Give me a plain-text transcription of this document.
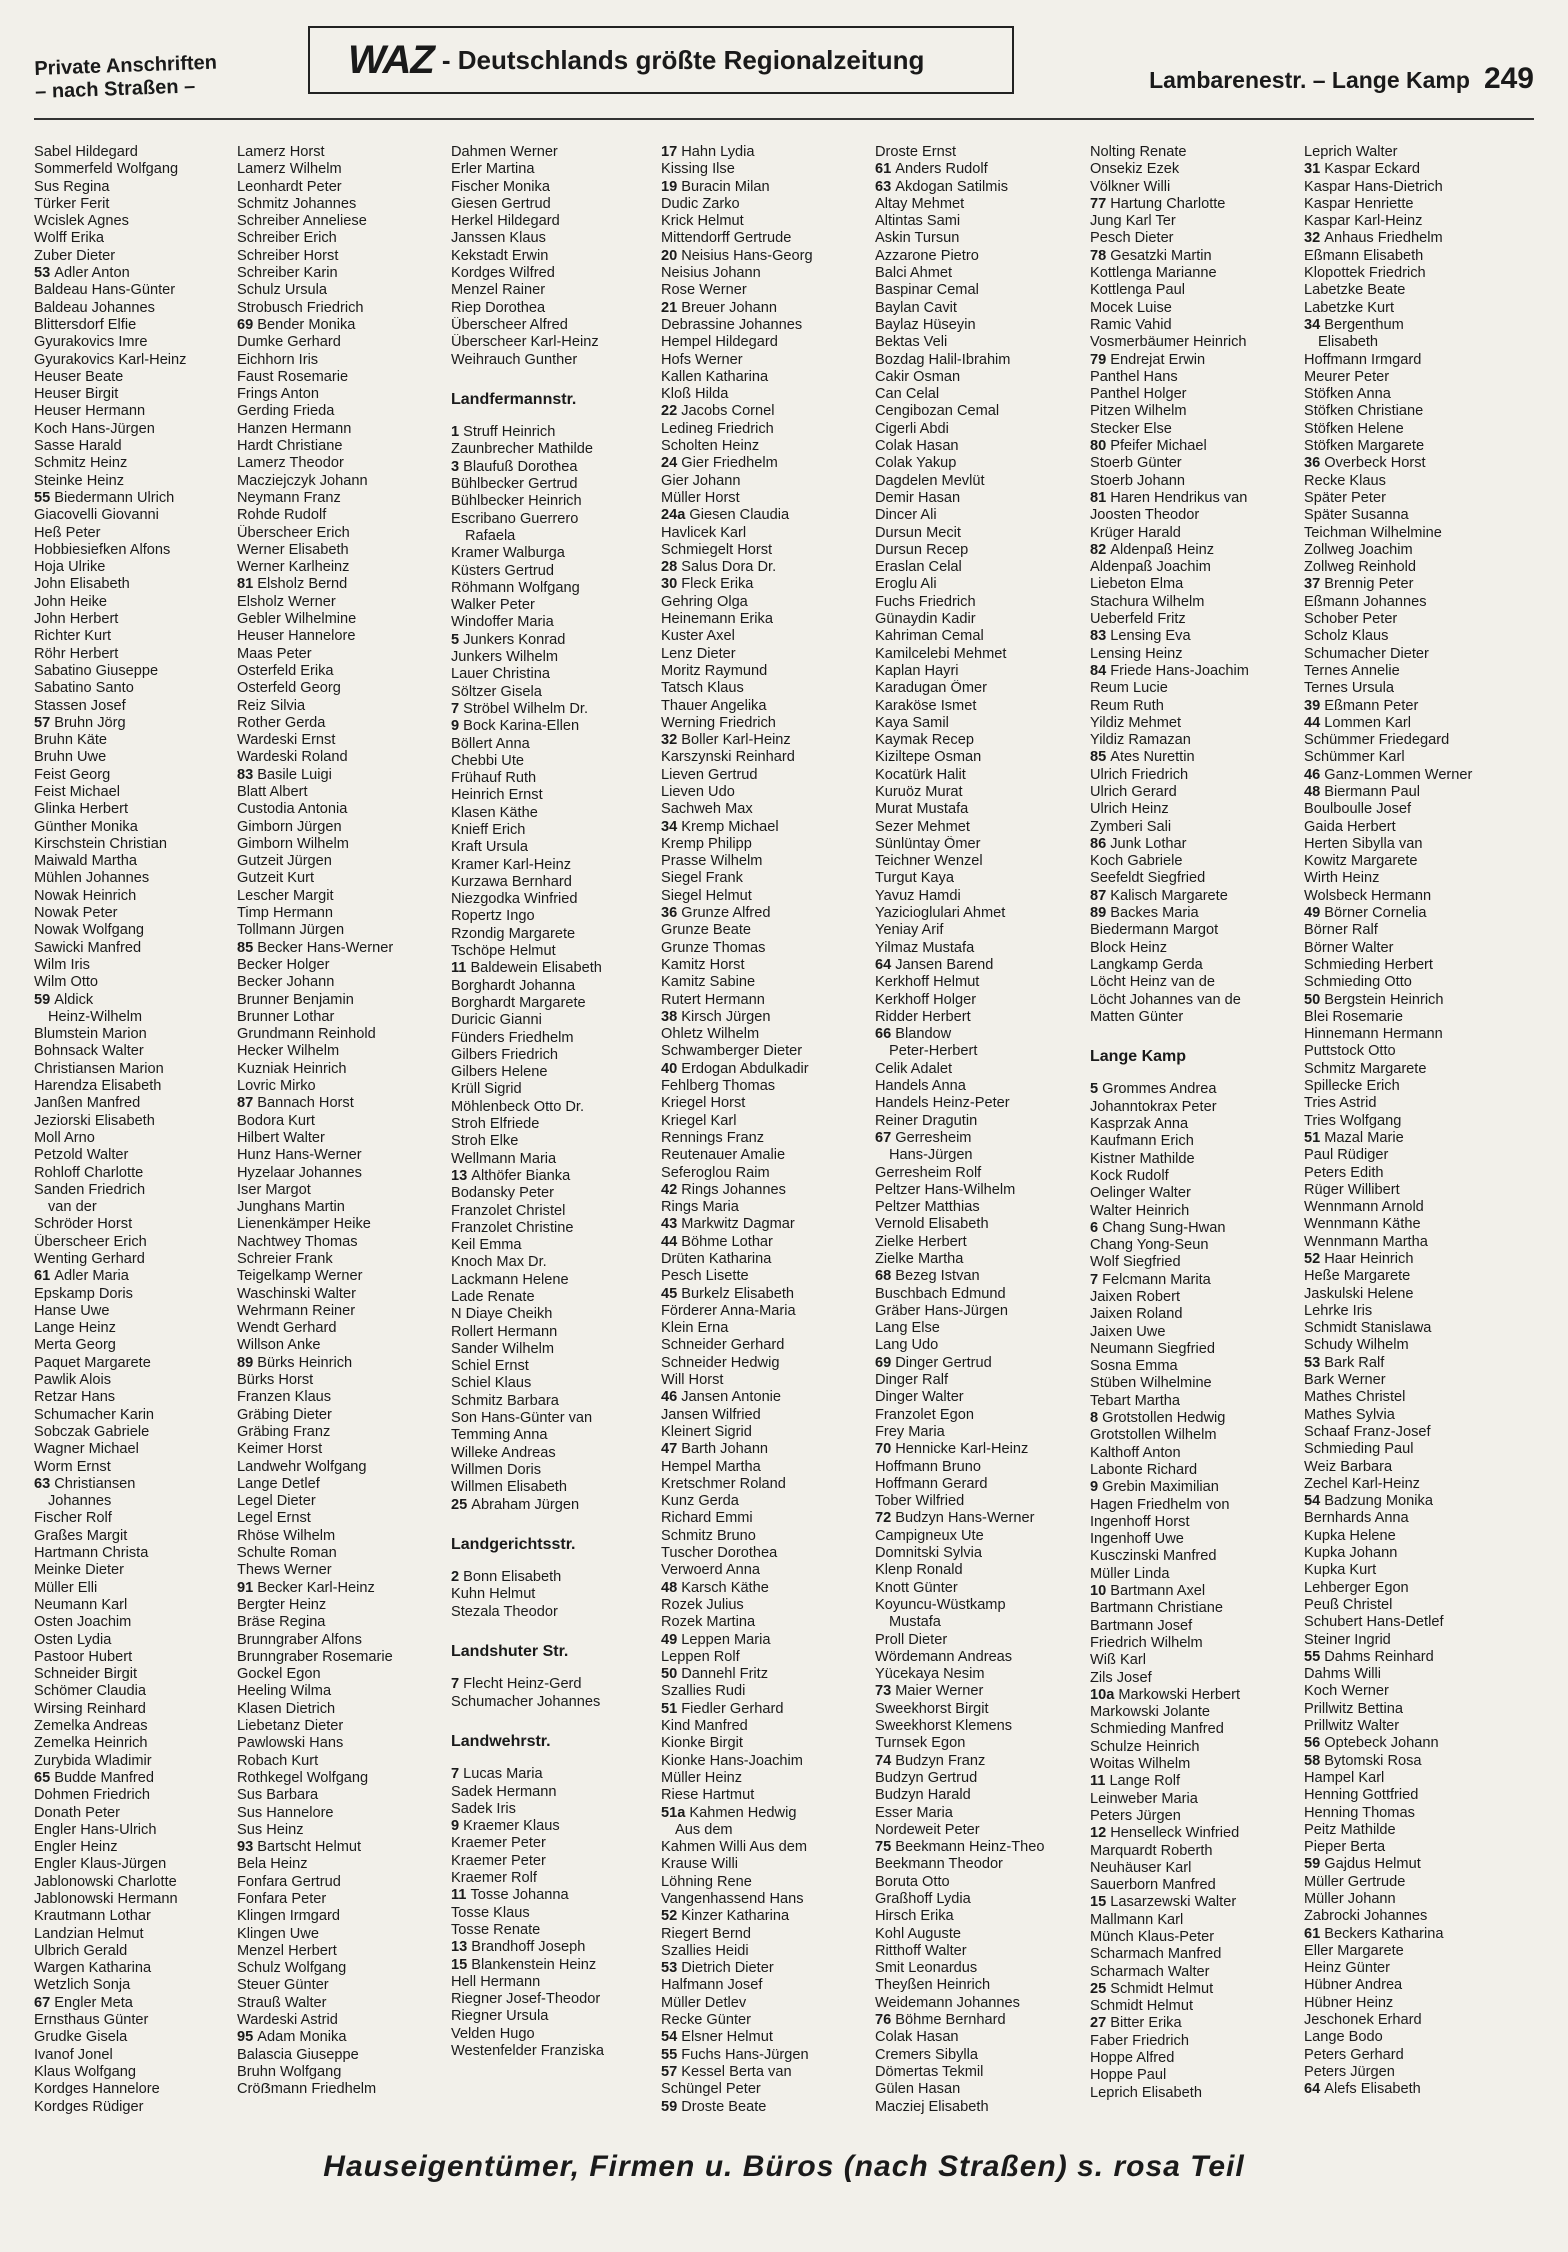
Private Anschriften
– nach Straßen –
WAZ - Deutschlands größte Regionalzeitung
Lambarenestr. – Lange Kamp 249
Sabel Hildegard
Sommerfeld Wolfgang
Sus Regina
Türker Ferit
Wcislek Agnes
Wolff Erika
Zuber Dieter
53 Adler Anton
Baldeau Hans-Günter
Baldeau Johannes
Blittersdorf Elfie
Gyurakovics Imre
Gyurakovics Karl-Heinz
Heuser Beate
Heuser Birgit
Heuser Hermann
Koch Hans-Jürgen
Sasse Harald
Schmitz Heinz
Steinke Heinz
55 Biedermann Ulrich
Giacovelli Giovanni
Heß Peter
Hobbiesiefken Alfons
Hoja Ulrike
John Elisabeth
John Heike
John Herbert
Richter Kurt
Röhr Herbert
Sabatino Giuseppe
Sabatino Santo
Stassen Josef
57 Bruhn Jörg
Bruhn Käte
Bruhn Uwe
Feist Georg
Feist Michael
Glinka Herbert
Günther Monika
Kirschstein Christian
Maiwald Martha
Mühlen Johannes
Nowak Heinrich
Nowak Peter
Nowak Wolfgang
Sawicki Manfred
Wilm Iris
Wilm Otto
59 Aldick
Heinz-Wilhelm
Blumstein Marion
Bohnsack Walter
Christiansen Marion
Harendza Elisabeth
Janßen Manfred
Jeziorski Elisabeth
Moll Arno
Petzold Walter
Rohloff Charlotte
Sanden Friedrich
van der
Schröder Horst
Überscheer Erich
Wenting Gerhard
61 Adler Maria
Epskamp Doris
Hanse Uwe
Lange Heinz
Merta Georg
Paquet Margarete
Pawlik Alois
Retzar Hans
Schumacher Karin
Sobczak Gabriele
Wagner Michael
Worm Ernst
63 Christiansen
Johannes
Fischer Rolf
Graßes Margit
Hartmann Christa
Meinke Dieter
Müller Elli
Neumann Karl
Osten Joachim
Osten Lydia
Pastoor Hubert
Schneider Birgit
Schömer Claudia
Wirsing Reinhard
Zemelka Andreas
Zemelka Heinrich
Zurybida Wladimir
65 Budde Manfred
Dohmen Friedrich
Donath Peter
Engler Hans-Ulrich
Engler Heinz
Engler Klaus-Jürgen
Jablonowski Charlotte
Jablonowski Hermann
Krautmann Lothar
Landzian Helmut
Ulbrich Gerald
Wargen Katharina
Wetzlich Sonja
67 Engler Meta
Ernsthaus Günter
Grudke Gisela
Ivanof Jonel
Klaus Wolfgang
Kordges Hannelore
Kordges Rüdiger
Lamerz Horst
Lamerz Wilhelm
Leonhardt Peter
Schmitz Johannes
Schreiber Anneliese
Schreiber Erich
Schreiber Horst
Schreiber Karin
Schulz Ursula
Strobusch Friedrich
69 Bender Monika
Dumke Gerhard
Eichhorn Iris
Faust Rosemarie
Frings Anton
Gerding Frieda
Hanzen Hermann
Hardt Christiane
Lamerz Theodor
Macziejczyk Johann
Neymann Franz
Rohde Rudolf
Überscheer Erich
Werner Elisabeth
Werner Karlheinz
81 Elsholz Bernd
Elsholz Werner
Gebler Wilhelmine
Heuser Hannelore
Maas Peter
Osterfeld Erika
Osterfeld Georg
Reiz Silvia
Rother Gerda
Wardeski Ernst
Wardeski Roland
83 Basile Luigi
Blatt Albert
Custodia Antonia
Gimborn Jürgen
Gimborn Wilhelm
Gutzeit Jürgen
Gutzeit Kurt
Lescher Margit
Timp Hermann
Tollmann Jürgen
85 Becker Hans-Werner
Becker Holger
Becker Johann
Brunner Benjamin
Brunner Lothar
Grundmann Reinhold
Hecker Wilhelm
Kuzniak Heinrich
Lovric Mirko
87 Bannach Horst
Bodora Kurt
Hilbert Walter
Hunz Hans-Werner
Hyzelaar Johannes
Iser Margot
Junghans Martin
Lienenkämper Heike
Nachtwey Thomas
Schreier Frank
Teigelkamp Werner
Waschinski Walter
Wehrmann Reiner
Wendt Gerhard
Willson Anke
89 Bürks Heinrich
Bürks Horst
Franzen Klaus
Gräbing Dieter
Gräbing Franz
Keimer Horst
Landwehr Wolfgang
Lange Detlef
Legel Dieter
Legel Ernst
Rhöse Wilhelm
Schulte Roman
Thews Werner
91 Becker Karl-Heinz
Bergter Heinz
Bräse Regina
Brunngraber Alfons
Brunngraber Rosemarie
Gockel Egon
Heeling Wilma
Klasen Dietrich
Liebetanz Dieter
Pawlowski Hans
Robach Kurt
Rothkegel Wolfgang
Sus Barbara
Sus Hannelore
Sus Heinz
93 Bartscht Helmut
Bela Heinz
Fonfara Gertrud
Fonfara Peter
Klingen Irmgard
Klingen Uwe
Menzel Herbert
Schulz Wolfgang
Steuer Günter
Strauß Walter
Wardeski Astrid
95 Adam Monika
Balascia Giuseppe
Bruhn Wolfgang
Cröẞmann Friedhelm
Dahmen Werner
Erler Martina
Fischer Monika
Giesen Gertrud
Herkel Hildegard
Janssen Klaus
Kekstadt Erwin
Kordges Wilfred
Menzel Rainer
Riep Dorothea
Überscheer Alfred
Überscheer Karl-Heinz
Weihrauch Gunther
Landfermannstr.
1 Struff Heinrich
Zaunbrecher Mathilde
3 Blaufuß Dorothea
Bühlbecker Gertrud
Bühlbecker Heinrich
Escribano Guerrero
Rafaela
Kramer Walburga
Küsters Gertrud
Röhmann Wolfgang
Walker Peter
Windoffer Maria
5 Junkers Konrad
Junkers Wilhelm
Lauer Christina
Söltzer Gisela
7 Ströbel Wilhelm Dr.
9 Bock Karina-Ellen
Böllert Anna
Chebbi Ute
Frühauf Ruth
Heinrich Ernst
Klasen Käthe
Knieff Erich
Kraft Ursula
Kramer Karl-Heinz
Kurzawa Bernhard
Niezgodka Winfried
Ropertz Ingo
Rzondig Margarete
Tschöpe Helmut
11 Baldewein Elisabeth
Borghardt Johanna
Borghardt Margarete
Duricic Gianni
Fünders Friedhelm
Gilbers Friedrich
Gilbers Helene
Krüll Sigrid
Möhlenbeck Otto Dr.
Stroh Elfriede
Stroh Elke
Wellmann Maria
13 Althöfer Bianka
Bodansky Peter
Franzolet Christel
Franzolet Christine
Keil Emma
Knoch Max Dr.
Lackmann Helene
Lade Renate
N Diaye Cheikh
Rollert Hermann
Sander Wilhelm
Schiel Ernst
Schiel Klaus
Schmitz Barbara
Son Hans-Günter van
Temming Anna
Willeke Andreas
Willmen Doris
Willmen Elisabeth
25 Abraham Jürgen
Landgerichtsstr.
2 Bonn Elisabeth
Kuhn Helmut
Stezala Theodor
Landshuter Str.
7 Flecht Heinz-Gerd
Schumacher Johannes
Landwehrstr.
7 Lucas Maria
Sadek Hermann
Sadek Iris
9 Kraemer Klaus
Kraemer Peter
Kraemer Peter
Kraemer Rolf
11 Tosse Johanna
Tosse Klaus
Tosse Renate
13 Brandhoff Joseph
15 Blankenstein Heinz
Hell Hermann
Riegner Josef-Theodor
Riegner Ursula
Velden Hugo
Westenfelder Franziska
17 Hahn Lydia
Kissing Ilse
19 Buracin Milan
Dudic Zarko
Krick Helmut
Mittendorff Gertrude
20 Neisius Hans-Georg
Neisius Johann
Rose Werner
21 Breuer Johann
Debrassine Johannes
Hempel Hildegard
Hofs Werner
Kallen Katharina
Kloß Hilda
22 Jacobs Cornel
Ledineg Friedrich
Scholten Heinz
24 Gier Friedhelm
Gier Johann
Müller Horst
24a Giesen Claudia
Havlicek Karl
Schmiegelt Horst
28 Salus Dora Dr.
30 Fleck Erika
Gehring Olga
Heinemann Erika
Kuster Axel
Lenz Dieter
Moritz Raymund
Tatsch Klaus
Thauer Angelika
Werning Friedrich
32 Boller Karl-Heinz
Karszynski Reinhard
Lieven Gertrud
Lieven Udo
Sachweh Max
34 Kremp Michael
Kremp Philipp
Prasse Wilhelm
Siegel Frank
Siegel Helmut
36 Grunze Alfred
Grunze Beate
Grunze Thomas
Kamitz Horst
Kamitz Sabine
Rutert Hermann
38 Kirsch Jürgen
Ohletz Wilhelm
Schwamberger Dieter
40 Erdogan Abdulkadir
Fehlberg Thomas
Kriegel Horst
Kriegel Karl
Rennings Franz
Reutenauer Amalie
Seferoglou Raim
42 Rings Johannes
Rings Maria
43 Markwitz Dagmar
44 Böhme Lothar
Drüten Katharina
Pesch Lisette
45 Burkelz Elisabeth
Förderer Anna-Maria
Klein Erna
Schneider Gerhard
Schneider Hedwig
Will Horst
46 Jansen Antonie
Jansen Wilfried
Kleinert Sigrid
47 Barth Johann
Hempel Martha
Kretschmer Roland
Kunz Gerda
Richard Emmi
Schmitz Bruno
Tuscher Dorothea
Verwoerd Anna
48 Karsch Käthe
Rozek Julius
Rozek Martina
49 Leppen Maria
Leppen Rolf
50 Dannehl Fritz
Szallies Rudi
51 Fiedler Gerhard
Kind Manfred
Kionke Birgit
Kionke Hans-Joachim
Müller Heinz
Riese Hartmut
51a Kahmen Hedwig
Aus dem
Kahmen Willi Aus dem
Krause Willi
Löhning Rene
Vangenhassend Hans
52 Kinzer Katharina
Riegert Bernd
Szallies Heidi
53 Dietrich Dieter
Halfmann Josef
Müller Detlev
Recke Günter
54 Elsner Helmut
55 Fuchs Hans-Jürgen
57 Kessel Berta van
Schüngel Peter
59 Droste Beate
Droste Ernst
61 Anders Rudolf
63 Akdogan Satilmis
Altay Mehmet
Altintas Sami
Askin Tursun
Azzarone Pietro
Balci Ahmet
Baspinar Cemal
Baylan Cavit
Baylaz Hüseyin
Bektas Veli
Bozdag Halil-Ibrahim
Cakir Osman
Can Celal
Cengibozan Cemal
Cigerli Abdi
Colak Hasan
Colak Yakup
Dagdelen Mevlüt
Demir Hasan
Dincer Ali
Dursun Mecit
Dursun Recep
Eraslan Celal
Eroglu Ali
Fuchs Friedrich
Günaydin Kadir
Kahriman Cemal
Kamilcelebi Mehmet
Kaplan Hayri
Karadugan Ömer
Karaköse Ismet
Kaya Samil
Kaymak Recep
Kiziltepe Osman
Kocatürk Halit
Kuruöz Murat
Murat Mustafa
Sezer Mehmet
Sünlüntay Ömer
Teichner Wenzel
Turgut Kaya
Yavuz Hamdi
Yazicioglulari Ahmet
Yeniay Arif
Yilmaz Mustafa
64 Jansen Barend
Kerkhoff Helmut
Kerkhoff Holger
Ridder Herbert
66 Blandow
Peter-Herbert
Celik Adalet
Handels Anna
Handels Heinz-Peter
Reiner Dragutin
67 Gerresheim
Hans-Jürgen
Gerresheim Rolf
Peltzer Hans-Wilhelm
Peltzer Matthias
Vernold Elisabeth
Zielke Herbert
Zielke Martha
68 Bezeg Istvan
Buschbach Edmund
Gräber Hans-Jürgen
Lang Else
Lang Udo
69 Dinger Gertrud
Dinger Ralf
Dinger Walter
Franzolet Egon
Frey Maria
70 Hennicke Karl-Heinz
Hoffmann Bruno
Hoffmann Gerard
Tober Wilfried
72 Budzyn Hans-Werner
Campigneux Ute
Domnitski Sylvia
Klenp Ronald
Knott Günter
Koyuncu-Wüstkamp
Mustafa
Proll Dieter
Wördemann Andreas
Yücekaya Nesim
73 Maier Werner
Sweekhorst Birgit
Sweekhorst Klemens
Turnsek Egon
74 Budzyn Franz
Budzyn Gertrud
Budzyn Harald
Esser Maria
Nordeweit Peter
75 Beekmann Heinz-Theo
Beekmann Theodor
Boruta Otto
Graßhoff Lydia
Hirsch Erika
Kohl Auguste
Ritthoff Walter
Smit Leonardus
Theyßen Heinrich
Weidemann Johannes
76 Böhme Bernhard
Colak Hasan
Cremers Sibylla
Dömertas Tekmil
Gülen Hasan
Macziej Elisabeth
Nolting Renate
Onsekiz Ezek
Völkner Willi
77 Hartung Charlotte
Jung Karl Ter
Pesch Dieter
78 Gesatzki Martin
Kottlenga Marianne
Kottlenga Paul
Mocek Luise
Ramic Vahid
Vosmerbäumer Heinrich
79 Endrejat Erwin
Panthel Hans
Panthel Holger
Pitzen Wilhelm
Stecker Else
80 Pfeifer Michael
Stoerb Günter
Stoerb Johann
81 Haren Hendrikus van
Joosten Theodor
Krüger Harald
82 Aldenpaß Heinz
Aldenpaß Joachim
Liebeton Elma
Stachura Wilhelm
Ueberfeld Fritz
83 Lensing Eva
Lensing Heinz
84 Friede Hans-Joachim
Reum Lucie
Reum Ruth
Yildiz Mehmet
Yildiz Ramazan
85 Ates Nurettin
Ulrich Friedrich
Ulrich Gerard
Ulrich Heinz
Zymberi Sali
86 Junk Lothar
Koch Gabriele
Seefeldt Siegfried
87 Kalisch Margarete
89 Backes Maria
Biedermann Margot
Block Heinz
Langkamp Gerda
Löcht Heinz van de
Löcht Johannes van de
Matten Günter
Lange Kamp
5 Grommes Andrea
Johanntokrax Peter
Kasprzak Anna
Kaufmann Erich
Kistner Mathilde
Kock Rudolf
Oelinger Walter
Walter Heinrich
6 Chang Sung-Hwan
Chang Yong-Seun
Wolf Siegfried
7 Felcmann Marita
Jaixen Robert
Jaixen Roland
Jaixen Uwe
Neumann Siegfried
Sosna Emma
Stüben Wilhelmine
Tebart Martha
8 Grotstollen Hedwig
Grotstollen Wilhelm
Kalthoff Anton
Labonte Richard
9 Grebin Maximilian
Hagen Friedhelm von
Ingenhoff Horst
Ingenhoff Uwe
Kusczinski Manfred
Müller Linda
10 Bartmann Axel
Bartmann Christiane
Bartmann Josef
Friedrich Wilhelm
Wiß Karl
Zils Josef
10a Markowski Herbert
Markowski Jolante
Schmieding Manfred
Schulze Heinrich
Woitas Wilhelm
11 Lange Rolf
Leinweber Maria
Peters Jürgen
12 Henselleck Winfried
Marquardt Roberth
Neuhäuser Karl
Sauerborn Manfred
15 Lasarzewski Walter
Mallmann Karl
Münch Klaus-Peter
Scharmach Manfred
Scharmach Walter
25 Schmidt Helmut
Schmidt Helmut
27 Bitter Erika
Faber Friedrich
Hoppe Alfred
Hoppe Paul
Leprich Elisabeth
Leprich Walter
31 Kaspar Eckard
Kaspar Hans-Dietrich
Kaspar Henriette
Kaspar Karl-Heinz
32 Anhaus Friedhelm
Eßmann Elisabeth
Klopottek Friedrich
Labetzke Beate
Labetzke Kurt
34 Bergenthum
Elisabeth
Hoffmann Irmgard
Meurer Peter
Stöfken Anna
Stöfken Christiane
Stöfken Helene
Stöfken Margarete
36 Overbeck Horst
Recke Klaus
Später Peter
Später Susanna
Teichman Wilhelmine
Zollweg Joachim
Zollweg Reinhold
37 Brennig Peter
Eßmann Johannes
Schober Peter
Scholz Klaus
Schumacher Dieter
Ternes Annelie
Ternes Ursula
39 Eßmann Peter
44 Lommen Karl
Schümmer Friedegard
Schümmer Karl
46 Ganz-Lommen Werner
48 Biermann Paul
Boulboulle Josef
Gaida Herbert
Herten Sibylla van
Kowitz Margarete
Wirth Heinz
Wolsbeck Hermann
49 Börner Cornelia
Börner Ralf
Börner Walter
Schmieding Herbert
Schmieding Otto
50 Bergstein Heinrich
Blei Rosemarie
Hinnemann Hermann
Puttstock Otto
Schmitz Margarete
Spillecke Erich
Tries Astrid
Tries Wolfgang
51 Mazal Marie
Paul Rüdiger
Peters Edith
Rüger Willibert
Wennmann Arnold
Wennmann Käthe
Wennmann Martha
52 Haar Heinrich
Heße Margarete
Jaskulski Helene
Lehrke Iris
Schmidt Stanislawa
Schudy Wilhelm
53 Bark Ralf
Bark Werner
Mathes Christel
Mathes Sylvia
Schaaf Franz-Josef
Schmieding Paul
Weiz Barbara
Zechel Karl-Heinz
54 Badzung Monika
Bernhards Anna
Kupka Helene
Kupka Johann
Kupka Kurt
Lehberger Egon
Peuß Christel
Schubert Hans-Detlef
Steiner Ingrid
55 Dahms Reinhard
Dahms Willi
Koch Werner
Prillwitz Bettina
Prillwitz Walter
56 Optebeck Johann
58 Bytomski Rosa
Hampel Karl
Henning Gottfried
Henning Thomas
Peitz Mathilde
Pieper Berta
59 Gajdus Helmut
Müller Gertrude
Müller Johann
Zabrocki Johannes
61 Beckers Katharina
Eller Margarete
Heinz Günter
Hübner Andrea
Hübner Heinz
Jeschonek Erhard
Lange Bodo
Peters Gerhard
Peters Jürgen
64 Alefs Elisabeth
Hauseigentümer, Firmen u. Büros (nach Straßen) s. rosa Teil
